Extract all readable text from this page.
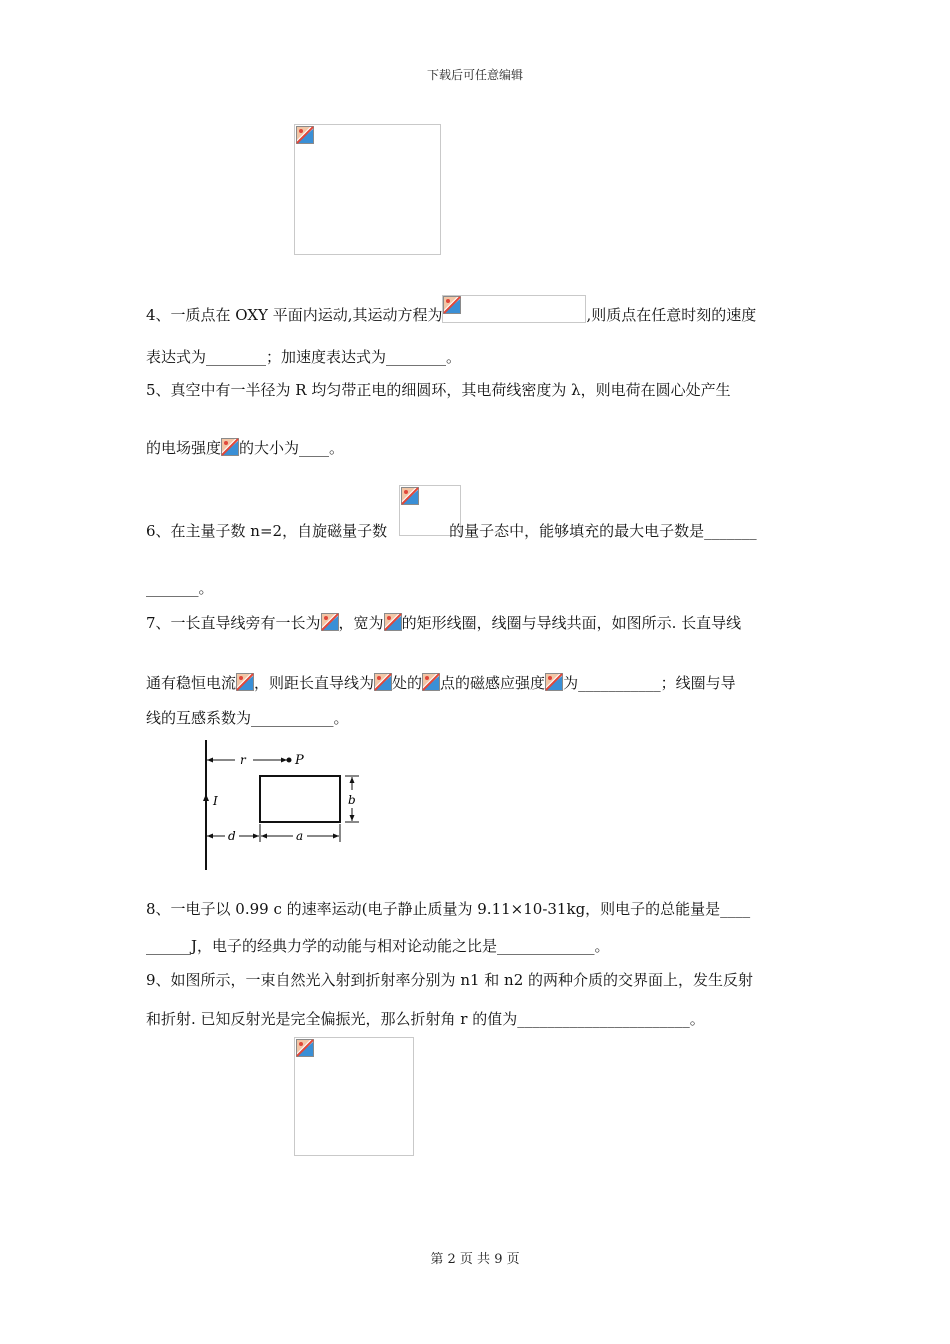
下载后可任意编辑
4、一质点在 OXY 平面内运动,其运动方程为	,则质点在任意时刻的速度
表达式为________；加速度表达式为________。
5、真空中有一半径为 R 均匀带正电的细圆环，其电荷线密度为 λ，则电荷在圆心处产生
的电场强度 的大小为____。
6、在主量子数 n=2，自旋磁量子数	的量子态中，能够填充的最大电子数是_______
_______。
7、一长直导线旁有一长为 ，宽为 的矩形线圈，线圈与导线共面，如图所示. 长直导线
通有稳恒电流 ，则距长直导线为 处的 点的磁感应强度 为___________；线圈与导
线的互感系数为___________。
I
r	P
b
d	a
8、一电子以 0.99 c 的速率运动(电子静止质量为 9.11×10-31kg，则电子的总能量是____
______J，电子的经典力学的动能与相对论动能之比是_____________。
9、如图所示，一束自然光入射到折射率分别为 n1 和 n2 的两种介质的交界面上，发生反射
和折射. 已知反射光是完全偏振光，那么折射角 r 的值为_______________________。
第 2 页 共 9 页
